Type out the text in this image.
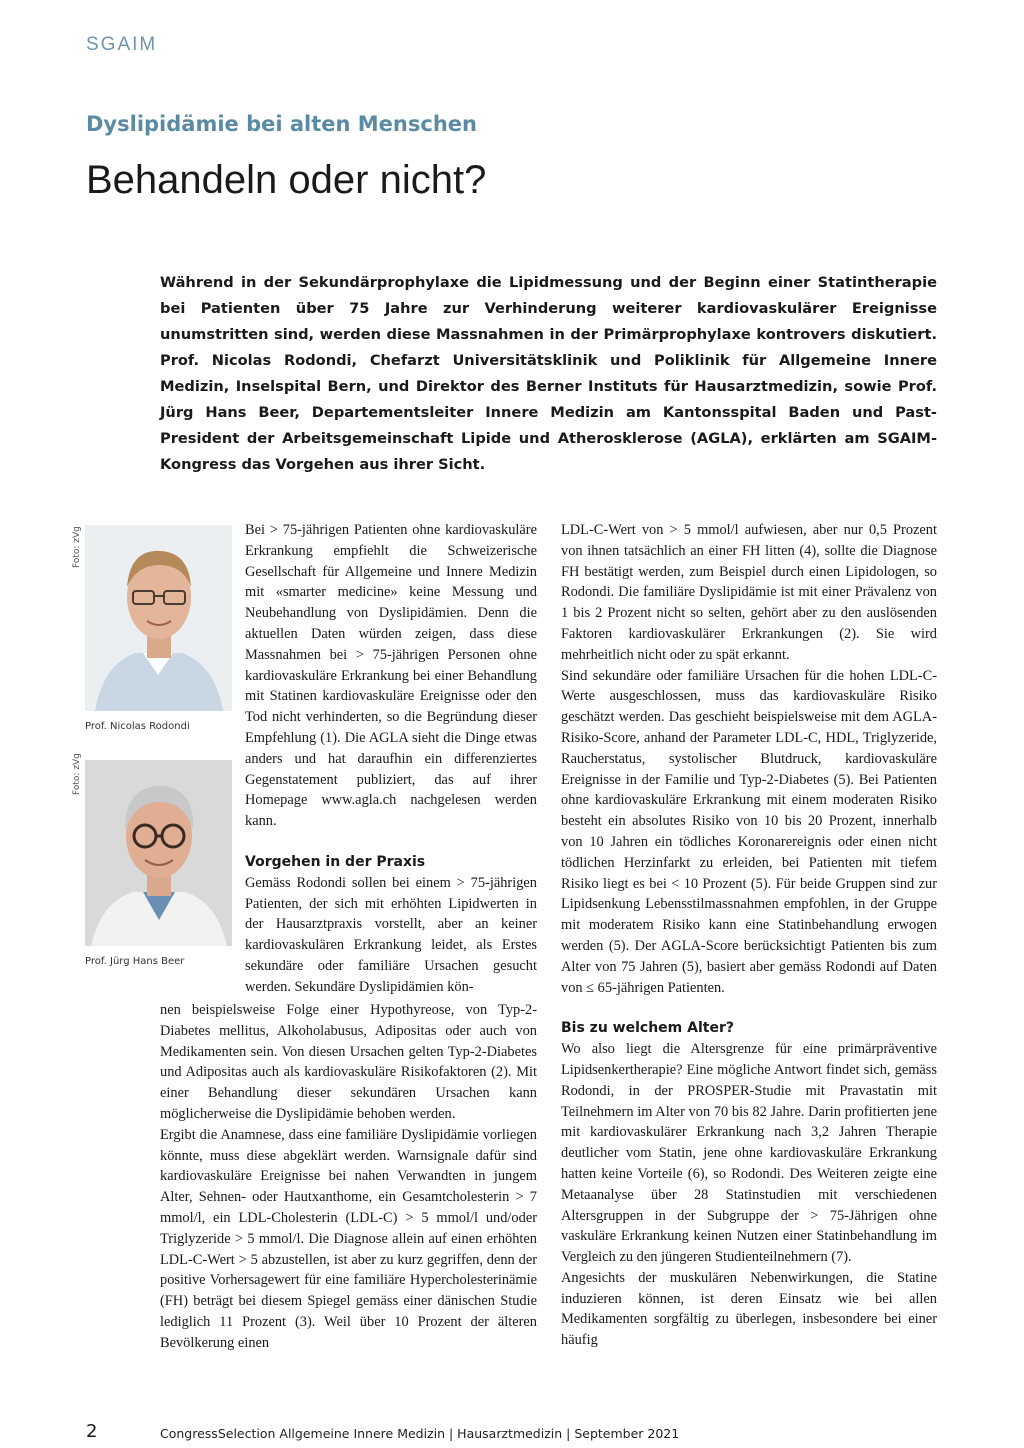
SGAIM
Dyslipidämie bei alten Menschen
Behandeln oder nicht?

Während in der Sekundärprophylaxe die Lipidmessung und der Beginn einer Statintherapie bei Patienten über 75 Jahre zur Verhinderung weiterer kardiovaskulärer Ereignisse unumstritten sind, werden diese Massnahmen in der Primärprophylaxe kontrovers diskutiert. Prof. Nicolas Rodondi, Chefarzt Universitätsklinik und Poliklinik für Allgemeine Innere Medizin, Inselspital Bern, und Direktor des Berner Instituts für Hausarztmedizin, sowie Prof. Jürg Hans Beer, Departementsleiter Innere Medizin am Kantonsspital Baden und Past-President der Arbeitsgemeinschaft Lipide und Atherosklerose (AGLA), erklärten am SGAIM-Kongress das Vorgehen aus ihrer Sicht.

Foto: zVg
Prof. Nicolas Rodondi
Foto: zVg
Prof. Jürg Hans Beer

Bei > 75-jährigen Patienten ohne kardiovaskuläre Erkrankung empfiehlt die Schweizerische Gesellschaft für Allgemeine und Innere Medizin mit «smarter medicine» keine Messung und Neubehandlung von Dyslipidämien. Denn die aktuellen Daten würden zeigen, dass diese Massnahmen bei > 75-jährigen Personen ohne kardiovaskuläre Erkrankung bei einer Behandlung mit Statinen kardiovaskuläre Ereignisse oder den Tod nicht verhinderten, so die Begründung dieser Empfehlung (1). Die AGLA sieht die Dinge etwas anders und hat daraufhin ein differenziertes Gegenstatement publiziert, das auf ihrer Homepage www.agla.ch nachgelesen werden kann.

Vorgehen in der Praxis

Gemäss Rodondi sollen bei einem > 75-jährigen Patienten, der sich mit erhöhten Lipidwerten in der Hausarztpraxis vorstellt, aber an keiner kardiovaskulären Erkrankung leidet, als Erstes sekundäre oder familiäre Ursachen gesucht werden. Sekundäre Dyslipidämien kön-

nen beispielsweise Folge einer Hypothyreose, von Typ-2-Diabetes mellitus, Alkoholabusus, Adipositas oder auch von Medikamenten sein. Von diesen Ursachen gelten Typ-2-Diabetes und Adipositas auch als kardiovaskuläre Risikofaktoren (2). Mit einer Behandlung dieser sekundären Ursachen kann möglicherweise die Dyslipidämie behoben werden.

Ergibt die Anamnese, dass eine familiäre Dyslipidämie vorliegen könnte, muss diese abgeklärt werden. Warnsignale dafür sind kardiovaskuläre Ereignisse bei nahen Verwandten in jungem Alter, Sehnen- oder Hautxanthome, ein Gesamtcholesterin > 7 mmol/l, ein LDL-Cholesterin (LDL-C) > 5 mmol/l und/oder Triglyzeride > 5 mmol/l. Die Diagnose allein auf einen erhöhten LDL-C-Wert > 5 abzustellen, ist aber zu kurz gegriffen, denn der positive Vorhersagewert für eine familiäre Hypercholesterinämie (FH) beträgt bei diesem Spiegel gemäss einer dänischen Studie lediglich 11 Prozent (3). Weil über 10 Prozent der älteren Bevölkerung einen

LDL-C-Wert von > 5 mmol/l aufwiesen, aber nur 0,5 Prozent von ihnen tatsächlich an einer FH litten (4), sollte die Diagnose FH bestätigt werden, zum Beispiel durch einen Lipidologen, so Rodondi. Die familiäre Dyslipidämie ist mit einer Prävalenz von 1 bis 2 Prozent nicht so selten, gehört aber zu den auslösenden Faktoren kardiovaskulärer Erkrankungen (2). Sie wird mehrheitlich nicht oder zu spät erkannt.

Sind sekundäre oder familiäre Ursachen für die hohen LDL-C-Werte ausgeschlossen, muss das kardiovaskuläre Risiko geschätzt werden. Das geschieht beispielsweise mit dem AGLA-Risiko-Score, anhand der Parameter LDL-C, HDL, Triglyzeride, Raucherstatus, systolischer Blutdruck, kardiovaskuläre Ereignisse in der Familie und Typ-2-Diabetes (5). Bei Patienten ohne kardiovaskuläre Erkrankung mit einem moderaten Risiko besteht ein absolutes Risiko von 10 bis 20 Prozent, innerhalb von 10 Jahren ein tödliches Koronarereignis oder einen nicht tödlichen Herzinfarkt zu erleiden, bei Patienten mit tiefem Risiko liegt es bei < 10 Prozent (5). Für beide Gruppen sind zur Lipidsenkung Lebensstilmassnahmen empfohlen, in der Gruppe mit moderatem Risiko kann eine Statinbehandlung erwogen werden (5). Der AGLA-Score berücksichtigt Patienten bis zum Alter von 75 Jahren (5), basiert aber gemäss Rodondi auf Daten von ≤ 65-jährigen Patienten.

Bis zu welchem Alter?

Wo also liegt die Altersgrenze für eine primärpräventive Lipidsenkertherapie? Eine mögliche Antwort findet sich, gemäss Rodondi, in der PROSPER-Studie mit Pravastatin mit Teilnehmern im Alter von 70 bis 82 Jahre. Darin profitierten jene mit kardiovaskulärer Erkrankung nach 3,2 Jahren Therapie deutlicher vom Statin, jene ohne kardiovaskuläre Erkrankung hatten keine Vorteile (6), so Rodondi. Des Weiteren zeigte eine Metaanalyse über 28 Statinstudien mit verschiedenen Altersgruppen in der Subgruppe der > 75-Jährigen ohne vaskuläre Erkrankung keinen Nutzen einer Statinbehandlung im Vergleich zu den jüngeren Studienteilnehmern (7).

Angesichts der muskulären Nebenwirkungen, die Statine induzieren können, ist deren Einsatz wie bei allen Medikamenten sorgfältig zu überlegen, insbesondere bei einer häufig

2	CongressSelection Allgemeine Innere Medizin | Hausarztmedizin | September 2021
